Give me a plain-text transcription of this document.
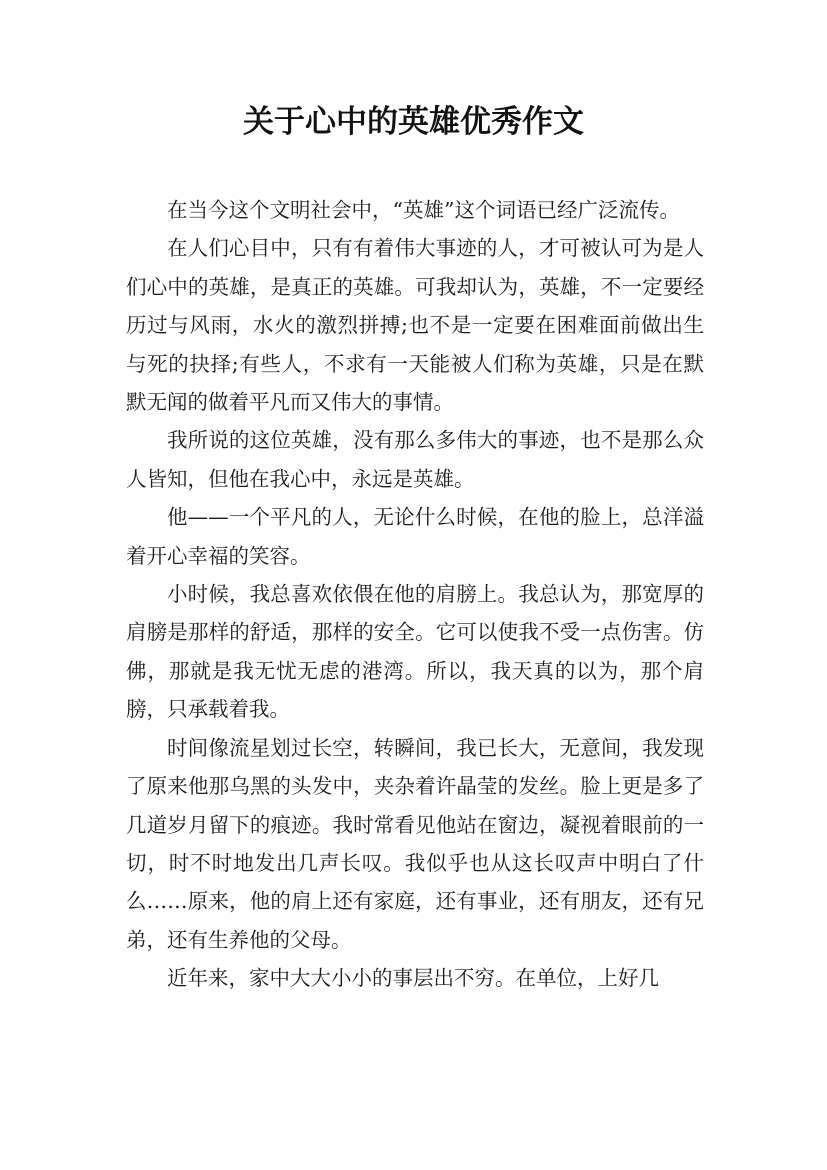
关于心中的英雄优秀作文

在当今这个文明社会中，“英雄”这个词语已经广泛流传。

在人们心目中，只有有着伟大事迹的人，才可被认可为是人们心中的英雄，是真正的英雄。可我却认为，英雄，不一定要经历过与风雨，水火的激烈拼搏;也不是一定要在困难面前做出生与死的抉择;有些人，不求有一天能被人们称为英雄，只是在默默无闻的做着平凡而又伟大的事情。

我所说的这位英雄，没有那么多伟大的事迹，也不是那么众人皆知，但他在我心中，永远是英雄。

他——一个平凡的人，无论什么时候，在他的脸上，总洋溢着开心幸福的笑容。

小时候，我总喜欢依偎在他的肩膀上。我总认为，那宽厚的肩膀是那样的舒适，那样的安全。它可以使我不受一点伤害。仿佛，那就是我无忧无虑的港湾。所以，我天真的以为，那个肩膀，只承载着我。

时间像流星划过长空，转瞬间，我已长大，无意间，我发现了原来他那乌黑的头发中，夹杂着许晶莹的发丝。脸上更是多了几道岁月留下的痕迹。我时常看见他站在窗边，凝视着眼前的一切，时不时地发出几声长叹。我似乎也从这长叹声中明白了什么……原来，他的肩上还有家庭，还有事业，还有朋友，还有兄弟，还有生养他的父母。

近年来，家中大大小小的事层出不穷。在单位，上好几
